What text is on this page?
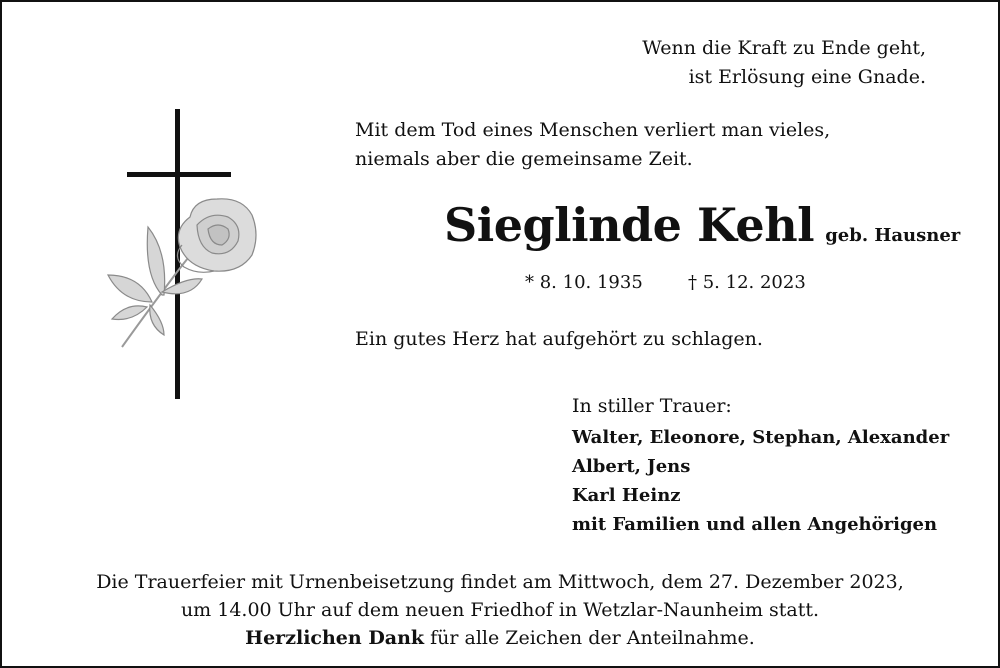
Wenn die Kraft zu Ende geht,
ist Erlösung eine Gnade.
Mit dem Tod eines Menschen verliert man vieles,
niemals aber die gemeinsame Zeit.
Sieglinde Kehl geb. Hausner
* 8. 10. 1935	† 5. 12. 2023
Ein gutes Herz hat aufgehört zu schlagen.
In stiller Trauer:
Walter, Eleonore, Stephan, Alexander
Albert, Jens
Karl Heinz
mit Familien und allen Angehörigen
Die Trauerfeier mit Urnenbeisetzung findet am Mittwoch, dem 27. Dezember 2023,
um 14.00 Uhr auf dem neuen Friedhof in Wetzlar-Naunheim statt.
Herzlichen Dank für alle Zeichen der Anteilnahme.
